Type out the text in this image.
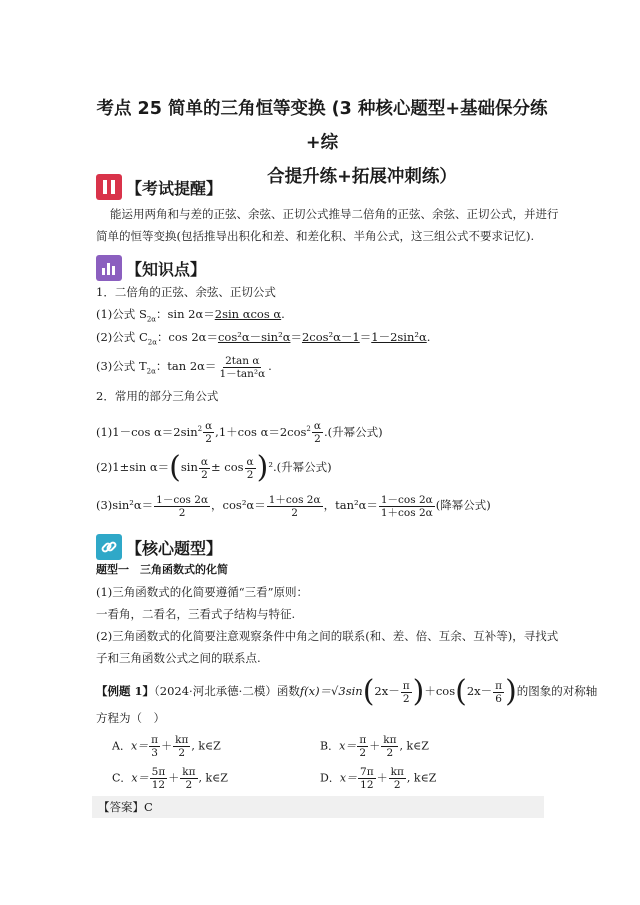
考点 25 简单的三角恒等变换 (3 种核心题型+基础保分练+综
合提升练+拓展冲刺练）
【考试提醒】
能运用两角和与差的正弦、余弦、正切公式推导二倍角的正弦、余弦、正切公式，并进行
简单的恒等变换(包括推导出积化和差、和差化积、半角公式，这三组公式不要求记忆).
【知识点】
1．二倍角的正弦、余弦、正切公式
(1)公式 $S_{2\alpha}$：sin 2α＝2sin αcos α.
(2)公式 $C_{2\alpha}$：cos 2α＝cos²α－sin²α＝2cos²α－1＝1－2sin²α.
(3)公式 $T_{2\alpha}$：$\tan 2\alpha= \frac{\text{2tan α}}{\text{1－tan²α}}$ .
2．常用的部分三角公式
(1)1－cos $\alpha=2\sin^2 \frac{\alpha}{2} ,1+\cos$ $\alpha=2\cos^2 \frac{\alpha}{2}$ .(升幂公式)
(2)1±sin $\alpha=(\sin \frac{\alpha}{2} \pm \cos \frac{\alpha}{2} )^2$.(升幂公式)
$(3)\sin^2\alpha= \frac{1-\cos 2\alpha}{2}$ ，$\cos^2\alpha= \frac{1+\cos 2\alpha}{2}$ ，$\tan^2\alpha= \frac{1-\cos 2\alpha}{1+\cos 2\alpha}$ (降幂公式)
【核心题型】
题型一　三角函数式的化简
(1)三角函数式的化简要遵循“三看”原则：
一看角，二看名，三看式子结构与特征.
(2)三角函数式的化简要注意观察条件中角之间的联系(和、差、倍、互余、互补等)，寻找式
子和三角函数公式之间的联系点.
【例题 1】（2024·河北承德·二模）函数$f(x)=√3\sin(2x- \frac{\pi}{2} )+\cos(2x- \frac{\pi}{6}$ )的图象的对称轴
方程为（　）
A．$x= \frac{\pi}{3} + \frac{k\pi}{2}$ , k∈Z	B．$x= \frac{\pi}{2} + \frac{k\pi}{2}$ , k∈Z
C．$x= \frac{5\pi}{12} + \frac{k\pi}{2}$ , k∈Z	D．$x= \frac{7\pi}{12} + \frac{k\pi}{2}$ , k∈Z
【答案】C
